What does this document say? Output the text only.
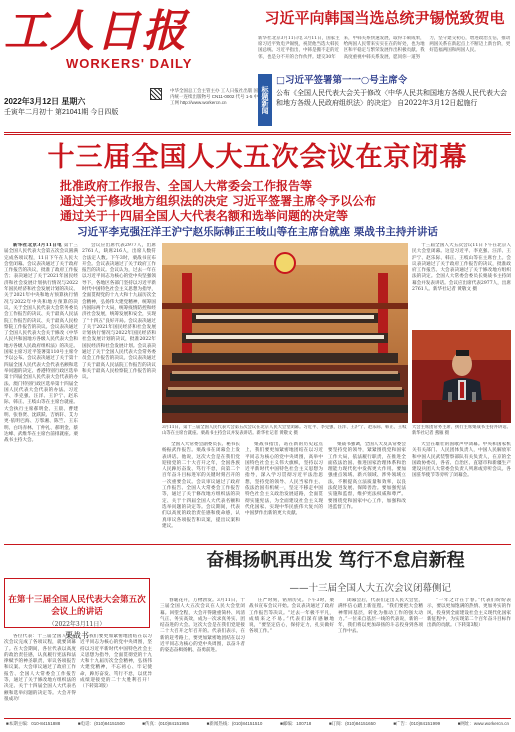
工人日报
WORKERS' DAILY
2022年3月12日 星期六
壬寅年二月初十 第21041期 今日四版
中华全国总工会主管主办 工人日报社出版 国内统一连续出版物号 CN11-0002 代号 1-5 中工网 http://www.workercn.cn
习近平向韩国当选总统尹锡悦致贺电
新华社北京3月11日电 3月11日，国家主席习近平致电尹锡悦，祝贺他当选大韩民国总统。习近平指出，中韩是搬不走的近邻，也是分不开的合作伙伴。建交30年来，中韩关系快速发展，取得丰硕成果，给两国人民带来实实在在的好处，也为地区和平稳定与繁荣发展作出积极贡献。我高度重视中韩关系发展，愿同你一道努力，坚守建交初心，增进政治互信，推动两国关系在新起点上不断迈上新台阶，更好造福两国和两国人民。
标题新闻
□习近平签署第一一○号主席令
公布《全国人民代表大会关于修改〈中华人民共和国地方各级人民代表大会和地方各级人民政府组织法〉的决定》 自2022年3月12日起施行
十三届全国人大五次会议在京闭幕
批准政府工作报告、全国人大常委会工作报告等
通过关于修改地方组织法的决定 习近平签署主席令予以公布
通过关于十四届全国人大代表名额和选举问题的决定等
习近平李克强汪洋王沪宁赵乐际韩正王岐山等在主席台就座 栗战书主持并讲话

新华社北京3月11日电 第十三届全国人民代表大会第五次会议圆满完成各项议程，11日下午在人民大会堂闭幕。会议表决通过了关于政府工作报告的决议，批准了政府工作报告；表决通过了关于2021年国民经济和社会发展计划执行情况与2022年国民经济和社会发展计划的决议、关于2021年中央和地方预算执行情况与2022年中央和地方预算的决议、关于全国人民代表大会常务委员会工作报告的决议、关于最高人民法院工作报告的决议、关于最高人民检察院工作报告的决议。会议表决通过了全国人民代表大会关于修改《中华人民共和国地方各级人民代表大会和地方各级人民政府组织法》的决定。国家主席习近平签署第110号主席令予以公布。会议表决通过了关于第十四届全国人民代表大会代表名额和选举问题的决定、香港特别行政区选举第十四届全国人民代表大会代表的办法、澳门特别行政区选举第十四届全国人民代表大会代表的办法。习近平、李克强、汪洋、王沪宁、赵乐际、韩正、王岐山等在主席台就座。大会执行主席郝明金、王晨、曹建明、张春贤、沈跃跃、吉炳轩、艾力更·依明巴海、万鄂湘、陈竺、王东明、白玛赤林、丁仲礼、郝明金、蔡达峰、武维华在主席台前排就座。栗战书主持大会。

会议应出席代表2977人，出席2761人，缺席216人，出席人数符合法定人数。下午3时，栗战书宣布开会。会议表决通过了关于政府工作报告的决议。会议认为，过去一年在以习近平同志为核心的党中央坚强领导下，各地区各部门坚持以习近平新时代中国特色社会主义思想为指导，全面贯彻党的十九大和十九届历次全会精神，弘扬伟大建党精神，统筹国内国际两个大局，统筹疫情防控和经济社会发展，统筹发展和安全，实现了“十四五”良好开局。会议表决通过了关于2021年国民经济和社会发展计划执行情况与2022年国民经济和社会发展计划的决议，批准2022年国民经济和社会发展计划。会议表决通过了关于全国人民代表大会常务委员会工作报告的决议。会议表决通过了关于最高人民法院工作报告的决议和关于最高人民检察院工作报告的决议。

3月11日，第十三届全国人民代表大会第五次会议在北京人民大会堂闭幕。习近平、李克强、汪洋、王沪宁、赵乐际、韩正、王岐山等在主席台就座。栗战书主持会议并发表讲话。新华社记者 黄敬文 摄
大会主席团常务主席、执行主席栗战书主持并讲话。新华社记者 燕雁 摄

十三届全国人大五次会议11日下午在北京人民大会堂闭幕。这是习近平、李克强、汪洋、王沪宁、赵乐际、韩正、王岐山等在主席台上。会议表决通过了关于政府工作报告的决议，批准政府工作报告。大会表决通过了关于修改地方组织法的决定。全国人大常委会委员长栗战书主持闭幕会并发表讲话。会议应出席代表2977人，出席2761人。新华社记者 黄敬文 摄

全国人大常委会副委员长、秘书长杨振武作报告。栗战书在闭幕会上发表讲话。他说，这次大会是在我们党迎接党的二十大召开之年，全国各族人民踔厉奋发、笃行不怠，向第二个百年奋斗目标进军的关键时刻召开的一次重要会议。会议审议通过了政府工作报告、全国人大常委会工作报告等，通过了关于修改地方组织法的决定、关于十四届全国人大代表名额和选举问题的决定等。会议期间，代表们以高度的政治责任感和使命感，认真审议各项报告和议案，提出议案和建议。

栗战书指出，站在新的历史起点上，我们要更加紧密地团结在以习近平同志为核心的党中央周围，高举中国特色社会主义伟大旗帜，坚持以习近平新时代中国特色社会主义思想为指导，深入学习贯彻习近平法治思想，坚持党的领导、人民当家作主、依法治国有机统一，坚定不移走中国特色社会主义政治发展道路，全面贯彻实施宪法，为全面建设社会主义现代化国家、实现中华民族伟大复兴的中国梦作出新的更大贡献。

栗战书强调，全国人大及其常委会要坚持党的领导，紧紧围绕党和国家工作大局，依法履行职责，在推进全面依法治国、推进国家治理体系和治理能力现代化中发挥更大作用。要加强重点领域、新兴领域、涉外领域立法，不断提高立法质量和效率，以良法促进发展、保障善治。要加强宪法实施和监督，维护宪法权威和尊严。要围绕党和国家中心工作，加强和改进监督工作。

大会在雄壮的国歌声中闭幕。中央和国家机关有关部门、人民团体负责人，中国人民解放军和中国人民武装警察部队有关负责人，在京的全国政协委员，各省、自治区、直辖市和新疆生产建设兵团人大常委会负责人列席或旁听会议。各国驻华使节等旁听了闭幕会。

在第十三届全国人民代表大会第五次会议上的讲话
（2022年3月11日）
栗战书
奋楫扬帆再出发 笃行不怠启新程
——十三届全国人大五次会议闭幕侧记

各位代表：十三届全国人大五次会议完成了各项议程，就要闭幕了。在大会期间，各位代表以高度的政治责任感，认真履行宪法和法律赋予的神圣职责，审议各项报告和议案。大会审议通过了政府工作报告、全国人大常委会工作报告等，通过了关于修改地方组织法的决定、关于十四届全国人大代表名额和选举问题的决定等。大会开得很成功！

我们要更加紧密地团结在以习近平同志为核心的党中央周围，坚持以习近平新时代中国特色社会主义思想为指导，全面贯彻党的十九大和十九届历次全会精神，弘扬伟大建党精神，不忘初心、牢记使命，踔厉奋发、笃行不怠，以优异成绩迎接党的二十大胜利召开！（下转第3版）

春暖花开，万物勃发。3月11日，十三届全国人大五次会议在人民大会堂闭幕。回望全程，大会开得隆重简朴、风清气正、务实高效，成为一次求真务实、团结奋进的大会。这次大会是在我们党迎接二十大召开之年召开的。代表们表示，在新的赶考路上，要更加紧密地团结在以习近平同志为核心的党中央周围，以奋斗者的姿态奋楫扬帆、奋勇前进。

庄严时刻，铭刻历史。下午3时，栗战书宣布会议开始。会议表决通过了政府工作报告等决议。“过去一年极不平凡，成绩来之不易。”代表们深有感触地说，“要坚定信心，保持定力，扎实做好各项工作。”

闭幕会后，代表们走出人民大会堂，满怀信心踏上新征程。“我们要把大会精神带回基层，转化为推动工作的强大动力。”一位来自基层一线的代表说，新的一年，我们将以更加昂扬的斗志投身到各项工作中去。

“一年之计在于春。”代表们纷纷表示，要以更加饱满的热情、更加务实的作风，投身到全面建设社会主义现代化国家新征程中，为实现第二个百年奋斗目标作出新的贡献。（下转第3版）

■本期主编：010-84151888	■电话：(010)84151500	■传真：(010)84151955	■新闻热线：(010)84151510	■邮编：100718	■订阅：(010)84151650	■广告：(010)84151999	■网址：www.workercn.cn
